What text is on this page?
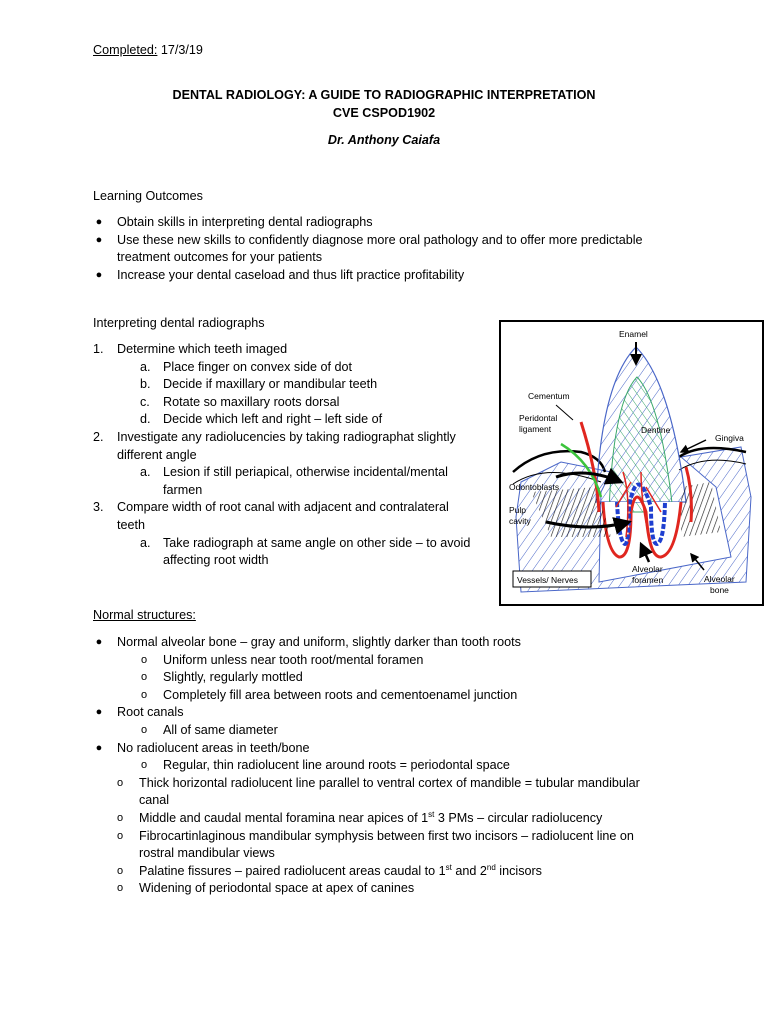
Completed: 17/3/19
DENTAL RADIOLOGY: A GUIDE TO RADIOGRAPHIC INTERPRETATION
CVE CSPOD1902
Dr. Anthony Caiafa
Learning Outcomes
● Obtain skills in interpreting dental radiographs
● Use these new skills to confidently diagnose more oral pathology and to offer more predictable
treatment outcomes for your patients
● Increase your dental caseload and thus lift practice profitability
Interpreting dental radiographs
1. Determine which teeth imaged
a. Place finger on convex side of dot
b. Decide if maxillary or mandibular teeth
c. Rotate so maxillary roots dorsal
d. Decide which left and right – left side of
2. Investigate any radiolucencies by taking radiographat slightly
different angle
a. Lesion if still periapical, otherwise incidental/mental
farmen
3. Compare width of root canal with adjacent and contralateral
teeth
a. Take radiograph at same angle on other side – to avoid
affecting root width
Enamel
Cementum
Peridontal
ligament	Dentine
Gingiva
Odontoblasts
Pulp
cavity
Vessels/ Nerves
Alveolar
foramen	Alveolar
bone
Normal structures:
● Normal alveolar bone – gray and uniform, slightly darker than tooth roots
o Uniform unless near tooth root/mental foramen
o Slightly, regularly mottled
o Completely fill area between roots and cementoenamel junction
● Root canals
o All of same diameter
● No radiolucent areas in teeth/bone
o Regular, thin radiolucent line around roots = periodontal space
o Thick horizontal radiolucent line parallel to ventral cortex of mandible = tubular mandibular
canal
o Middle and caudal mental foramina near apices of 1st 3 PMs – circular radiolucency
o Fibrocartinlaginous mandibular symphysis between first two incisors – radiolucent line on
rostral mandibular views
o Palatine fissures – paired radiolucent areas caudal to 1st and 2nd incisors
o Widening of periodontal space at apex of canines
